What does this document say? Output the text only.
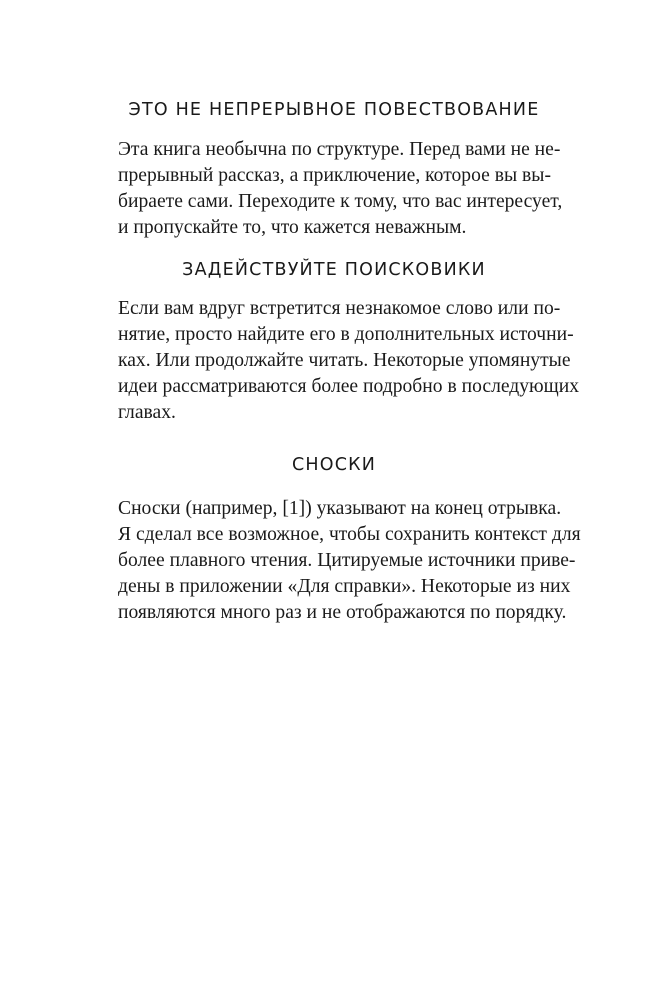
ЭТО НЕ НЕПРЕРЫВНОЕ ПОВЕСТВОВАНИЕ
Эта книга необычна по структуре. Перед вами не не-
прерывный рассказ, а приключение, которое вы вы-
бираете сами. Переходите к тому, что вас интересует,
и пропускайте то, что кажется неважным.
ЗАДЕЙСТВУЙТЕ ПОИСКОВИКИ
Если вам вдруг встретится незнакомое слово или по-
нятие, просто найдите его в дополнительных источни-
ках. Или продолжайте читать. Некоторые упомянутые
идеи рассматриваются более подробно в последующих
главах.
СНОСКИ
Сноски (например, [1]) указывают на конец отрывка.
Я сделал все возможное, чтобы сохранить контекст для
более плавного чтения. Цитируемые источники приве-
дены в приложении «Для справки». Некоторые из них
появляются много раз и не отображаются по порядку.
